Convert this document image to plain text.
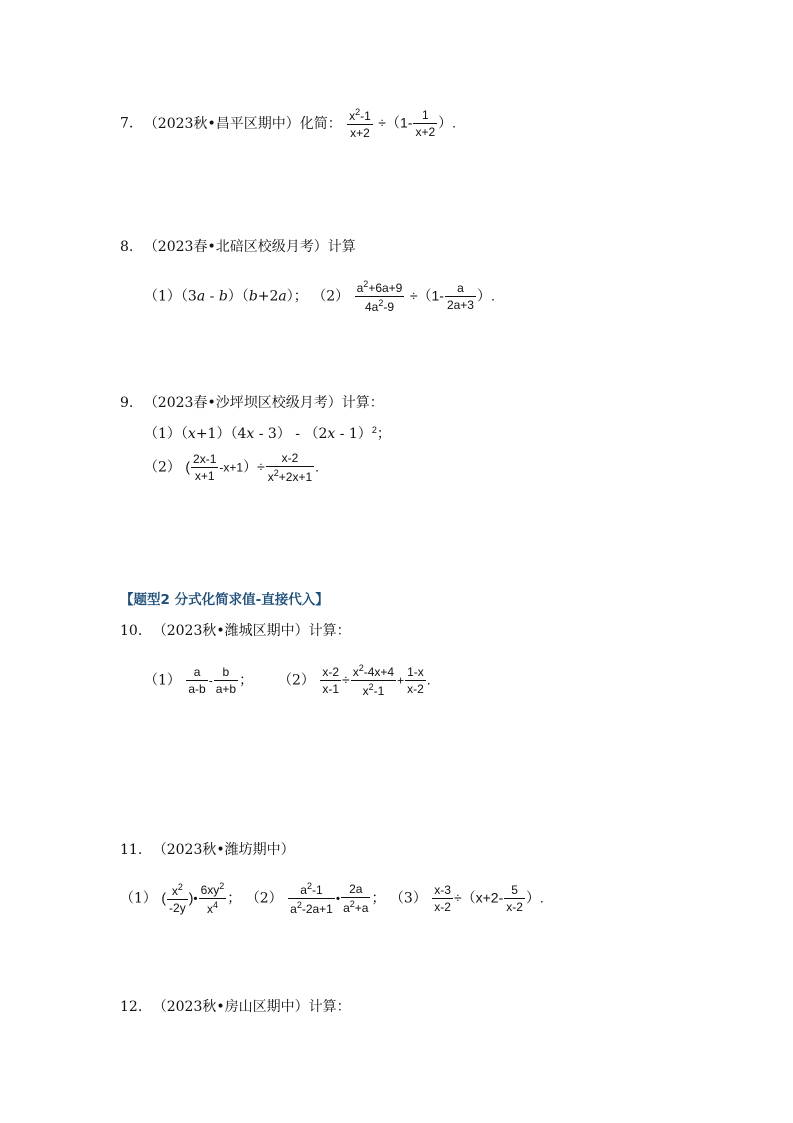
7. （2023秋•昌平区期中）化简： $\frac{x^2-1}{x+2} \div(1- \frac{1}{x+2}$ ）.
8. （2023春•北碚区校级月考）计算
（1）（3a - b）（b+2a）； $(2) \frac{a^2+6a+9}{4a^2-9} \div(1- \frac{a}{2a+3}$ ）.
9. （2023春•沙坪坝区校级月考）计算：
（1）（x+1）（4x - 3） - （2x - 1）$^2$；
（2） ( $\frac{2x-1}{x+1} -x+1)\div \frac{x-2}{x^2+2x+1}$ .
【题型2 分式化简求值-直接代入】
10. （2023秋•潍城区期中）计算：
$(1) \frac{a}{a-b} - \frac{b}{a+b}$ ； $(2) \frac{x-2}{x-1} \div \frac{x^2-4x+4}{x^2-1} + \frac{1-x}{x-2}$ .
11. （2023秋•潍坊期中）
（1） ( $\frac{x^2}{-2y}$ )• $\frac{6xy^2}{x^4}$ ； $(2) \frac{a^2-1}{a^2-2a+1}$ • $\frac{2a}{a^2+a}$ ； $(3) \frac{x-3}{x-2} \div(x+2- \frac{5}{x-2}$ ）.
12. （2023秋•房山区期中）计算：
